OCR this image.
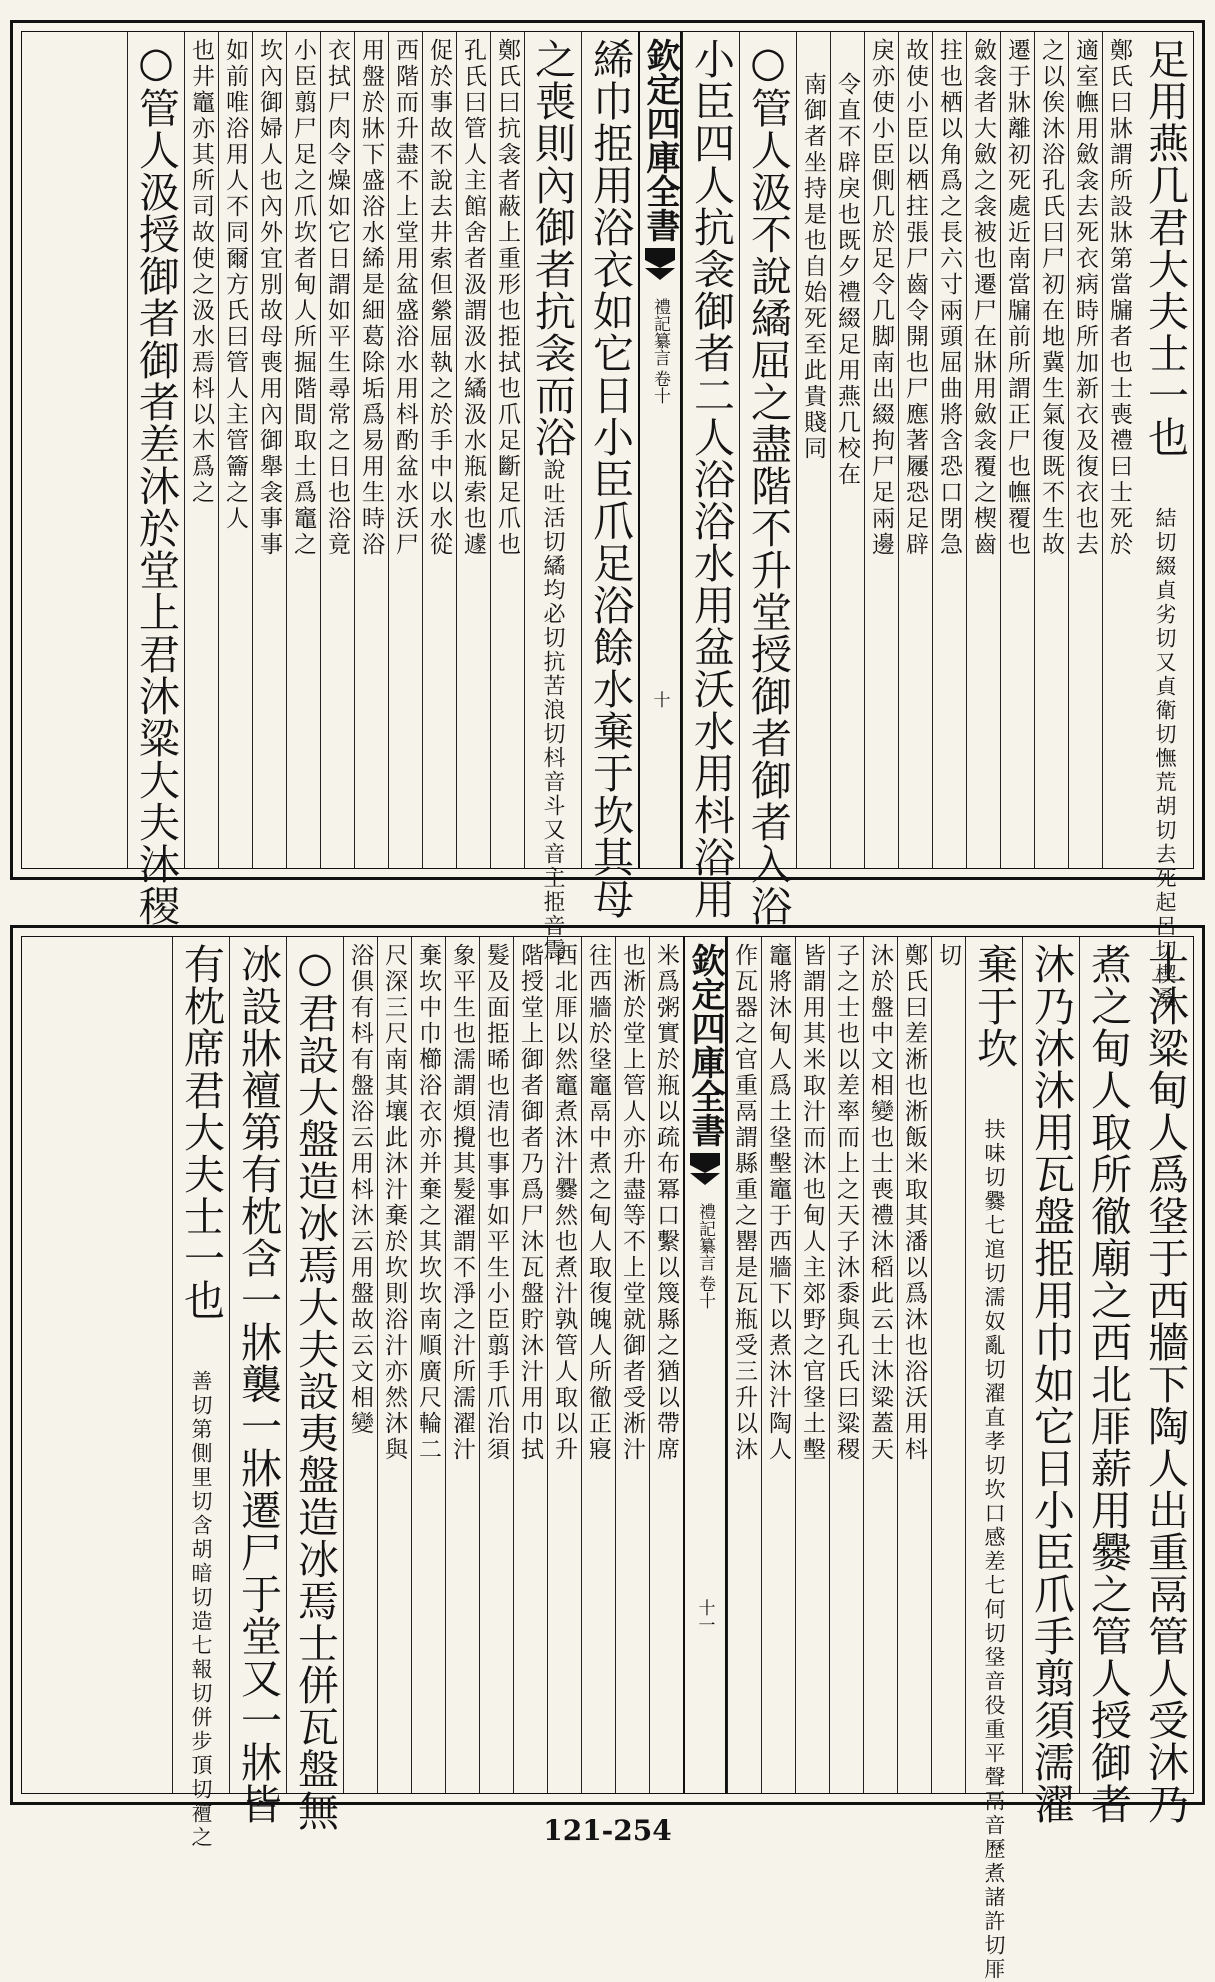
足用燕几君大夫士一也
憮荒胡切去死起呂切楔桑
結切綴貞劣切又貞衛切
鄭氏曰牀謂所設牀第當牖者也士喪禮曰士死於
適室幠用斂衾去死衣病時所加新衣及復衣也去
之以俟沐浴孔氏曰尸初在地冀生氣復既不生故
遷于牀離初死處近南當牖前所謂正尸也幠覆也
斂衾者大斂之衾被也遷尸在牀用斂衾覆之楔齒
拄也栖以角爲之長六寸兩頭屈曲將含恐口閉急
故使小臣以栖拄張尸齒令開也尸應著屨恐足辟
戾亦使小臣側几於足令几脚南出綴拘尸足兩邊
令直不辟戾也既夕禮綴足用燕几校在
南御者坐持是也自始死至此貴賤同
○管人汲不說繘屈之盡階不升堂授御者御者入浴
小臣四人抗衾御者二人浴浴水用盆沃水用枓浴用
欽定四庫全書
禮記纂言
卷十
十
絺巾挋用浴衣如它日小臣爪足浴餘水棄于坎其母
之喪則內御者抗衾而浴說吐活切繘均必切抗苦浪切枓音斗又音主挋音震
鄭氏曰抗衾者蔽上重形也挋拭也爪足斷足爪也
孔氏曰管人主館舍者汲謂汲水繘汲水瓶索也遽
促於事故不說去井索但縈屈執之於手中以水從
西階而升盡不上堂用盆盛浴水用枓酌盆水沃尸
用盤於牀下盛浴水絺是細葛除垢爲易用生時浴
衣拭尸肉令燥如它日謂如平生尋常之日也浴竟
小臣翦尸足之爪坎者甸人所掘階間取土爲竈之
坎內御婦人也內外宜別故母喪用內御舉衾事事
如前唯浴用人不同爾方氏曰管人主管籥之人
也井竈亦其所司故使之汲水焉枓以木爲之
○管人汲授御者御者差沐於堂上君沐粱大夫沐稷
士沐粱甸人爲垼于西牆下陶人出重鬲管人受沐乃
煮之甸人取所徹廟之西北厞薪用爨之管人授御者
沐乃沐沐用瓦盤挋用巾如它日小臣爪手翦須濡濯
棄于坎
差七何切垼音役重平聲鬲音歷煮諸許切厞
扶味切爨七逭切濡奴亂切濯直孝切坎口感
切
鄭氏曰差淅也淅飯米取其潘以爲沐也浴沃用枓
沐於盤中文相變也士喪禮沐稻此云士沐粱蓋天
子之士也以差率而上之天子沐黍與孔氏曰粱稷
皆謂用其米取汁而沐也甸人主郊野之官垼土墼
竈將沐甸人爲土垼墼竈于西牆下以煮沐汁陶人
作瓦器之官重鬲謂縣重之罌是瓦瓶受三升以沐
欽定四庫全書
禮記纂言
卷十
十一
米爲粥實於瓶以疏布冪口繫以篾縣之猶以帶席
也淅於堂上管人亦升盡等不上堂就御者受淅汁
往西牆於垼竈鬲中煮之甸人取復魄人所徹正寢
西北厞以然竈煮沐汁爨然也煮汁孰管人取以升
階授堂上御者御者乃爲尸沐瓦盤貯沐汁用巾拭
髮及面挋晞也清也事事如平生小臣翦手爪治須
象平生也濡謂煩攪其髮濯謂不淨之汁所濡濯汁
棄坎中巾櫛浴衣亦并棄之其坎坎南順廣尺輪二
尺深三尺南其壤此沐汁棄於坎則浴汁亦然沐與
浴俱有枓有盤浴云用枓沐云用盤故云文相變
○君設大盤造冰焉大夫設夷盤造冰焉士併瓦盤無
冰設牀襢第有枕含一牀襲一牀遷尸于堂又一牀皆
有枕席君大夫士一也
造七報切併步頂切襢之
善切第側里切含胡暗切
121-254
